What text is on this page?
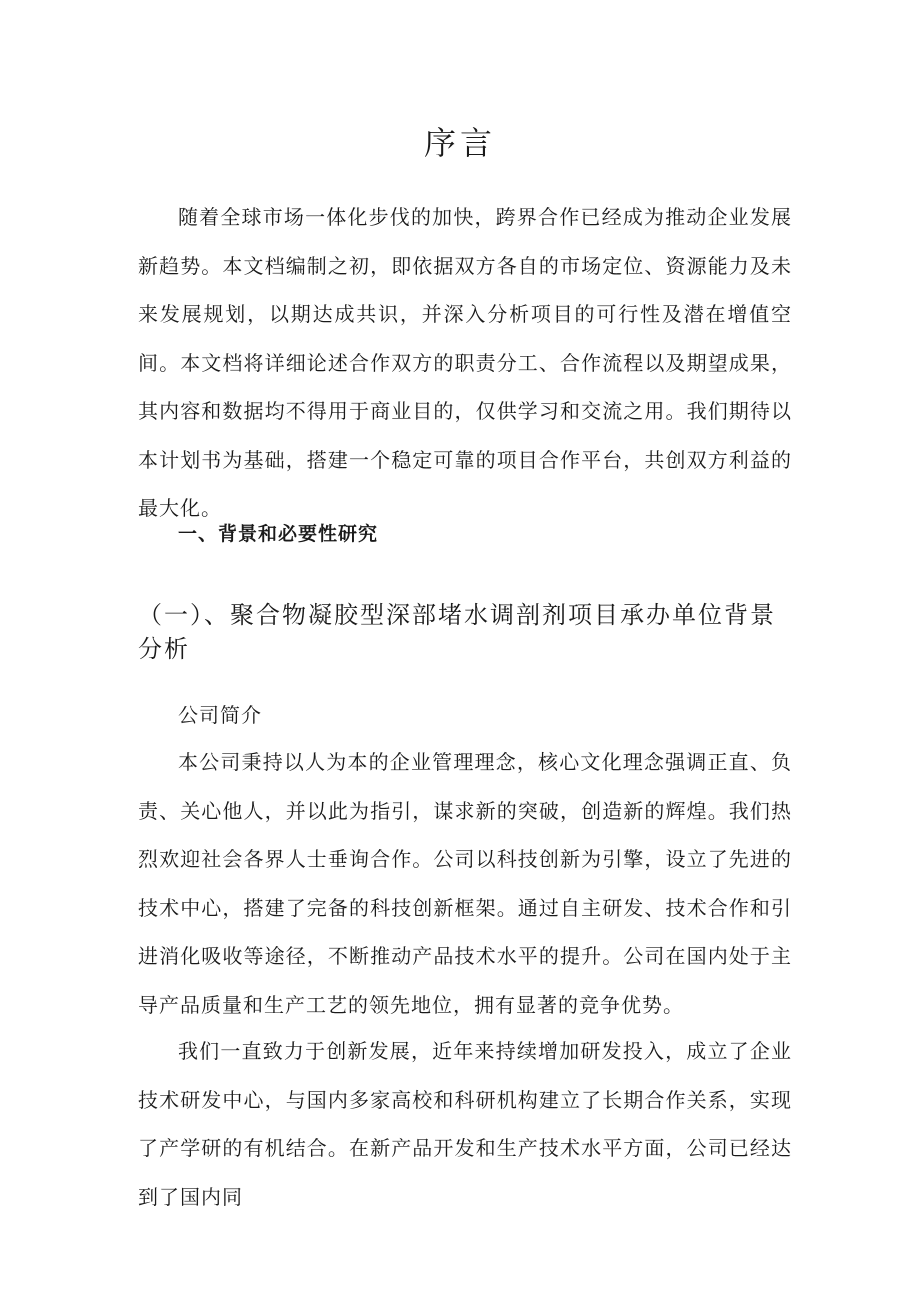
序言

随着全球市场一体化步伐的加快，跨界合作已经成为推动企业发展新趋势。本文档编制之初，即依据双方各自的市场定位、资源能力及未来发展规划，以期达成共识，并深入分析项目的可行性及潜在增值空间。本文档将详细论述合作双方的职责分工、合作流程以及期望成果，其内容和数据均不得用于商业目的，仅供学习和交流之用。我们期待以本计划书为基础，搭建一个稳定可靠的项目合作平台，共创双方利益的最大化。

一、背景和必要性研究
（一）、聚合物凝胶型深部堵水调剖剂项目承办单位背景分析
公司简介

本公司秉持以人为本的企业管理理念，核心文化理念强调正直、负责、关心他人，并以此为指引，谋求新的突破，创造新的辉煌。我们热烈欢迎社会各界人士垂询合作。公司以科技创新为引擎，设立了先进的技术中心，搭建了完备的科技创新框架。通过自主研发、技术合作和引进消化吸收等途径，不断推动产品技术水平的提升。公司在国内处于主导产品质量和生产工艺的领先地位，拥有显著的竞争优势。

我们一直致力于创新发展，近年来持续增加研发投入，成立了企业技术研发中心，与国内多家高校和科研机构建立了长期合作关系，实现了产学研的有机结合。在新产品开发和生产技术水平方面，公司已经达到了国内同
